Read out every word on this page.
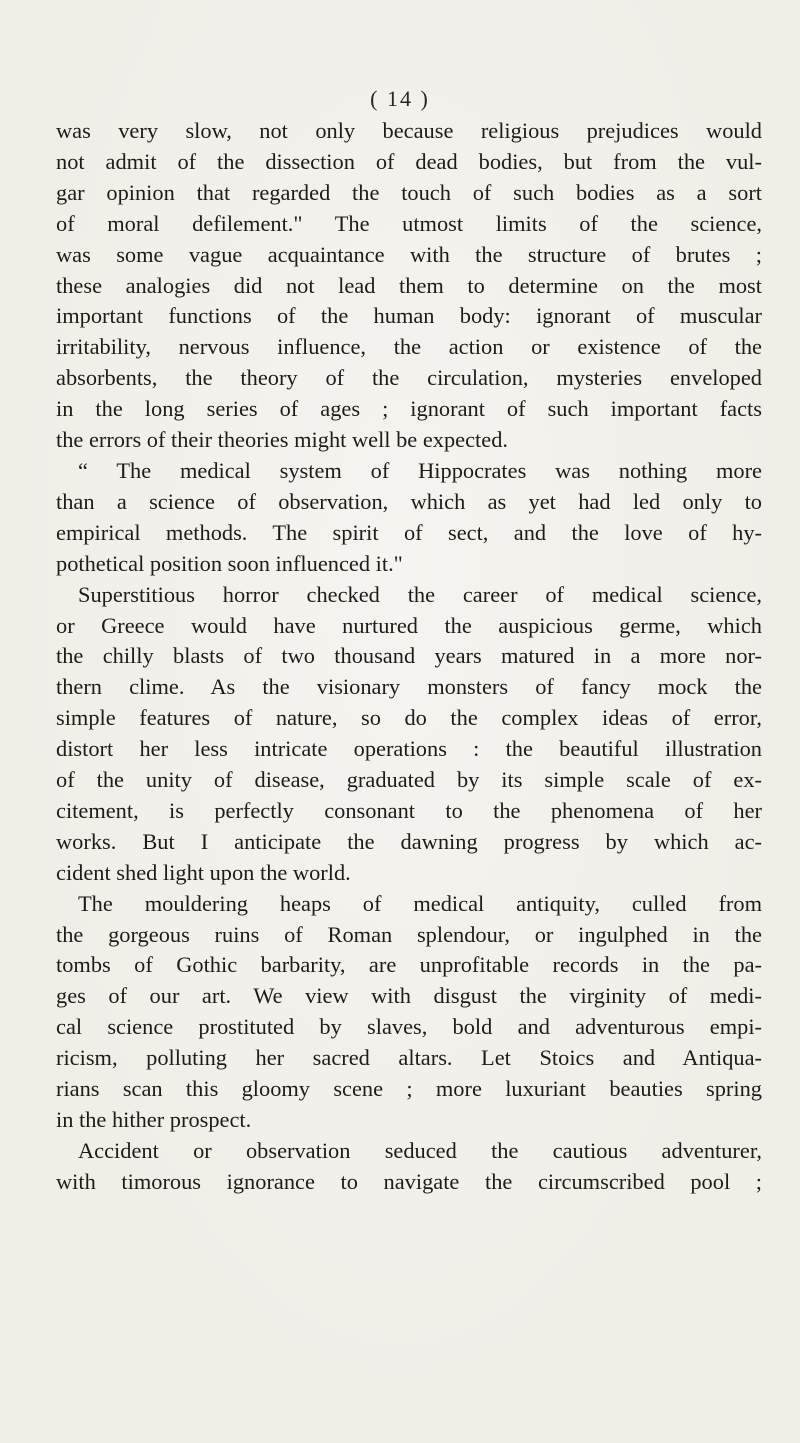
( 14 )
was very slow, not only because religious prejudices would
not admit of the dissection of dead bodies, but from the vul-
gar opinion that regarded the touch of such bodies as a sort
of moral defilement." The utmost limits of the science,
was some vague acquaintance with the structure of brutes ;
these analogies did not lead them to determine on the most
important functions of the human body: ignorant of muscular
irritability, nervous influence, the action or existence of the
absorbents, the theory of the circulation, mysteries enveloped
in the long series of ages ; ignorant of such important facts
the errors of their theories might well be expected.
“ The medical system of Hippocrates was nothing more
than a science of observation, which as yet had led only to
empirical methods. The spirit of sect, and the love of hy-
pothetical position soon influenced it."
Superstitious horror checked the career of medical science,
or Greece would have nurtured the auspicious germe, which
the chilly blasts of two thousand years matured in a more nor-
thern clime. As the visionary monsters of fancy mock the
simple features of nature, so do the complex ideas of error,
distort her less intricate operations : the beautiful illustration
of the unity of disease, graduated by its simple scale of ex-
citement, is perfectly consonant to the phenomena of her
works. But I anticipate the dawning progress by which ac-
cident shed light upon the world.
The mouldering heaps of medical antiquity, culled from
the gorgeous ruins of Roman splendour, or ingulphed in the
tombs of Gothic barbarity, are unprofitable records in the pa-
ges of our art. We view with disgust the virginity of medi-
cal science prostituted by slaves, bold and adventurous empi-
ricism, polluting her sacred altars. Let Stoics and Antiqua-
rians scan this gloomy scene ; more luxuriant beauties spring
in the hither prospect.
Accident or observation seduced the cautious adventurer,
with timorous ignorance to navigate the circumscribed pool ;
